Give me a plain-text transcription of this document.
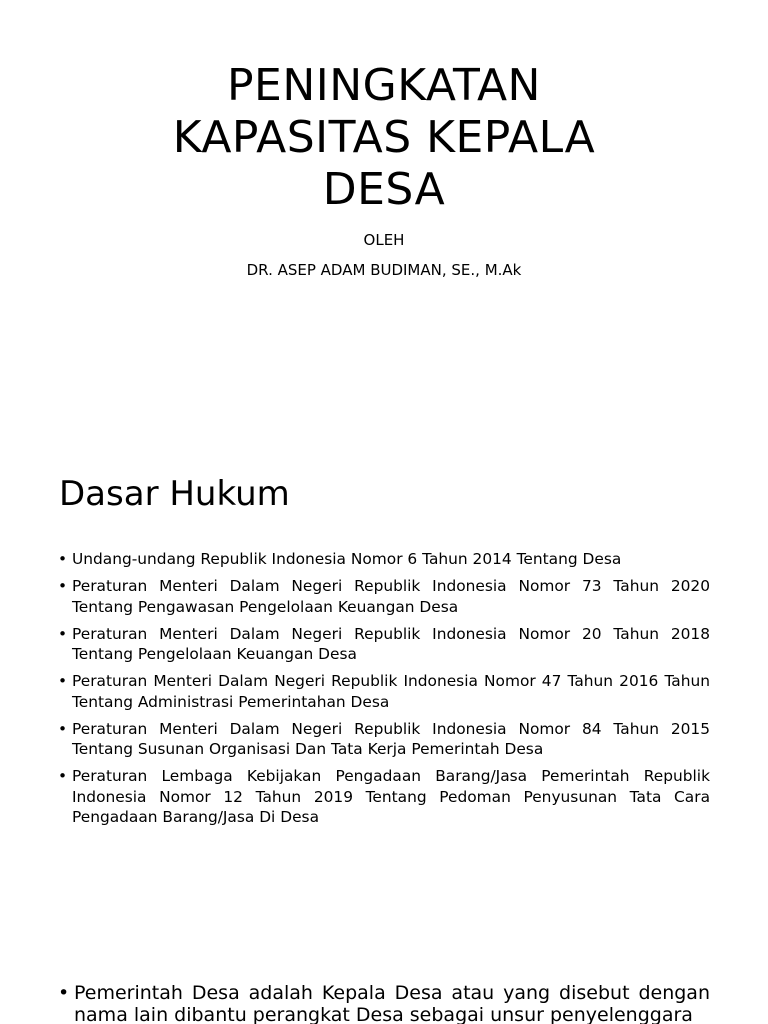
PENINGKATAN
KAPASITAS KEPALA
DESA
OLEH
DR. ASEP ADAM BUDIMAN, SE., M.Ak
Dasar Hukum
• Undang-undang Republik Indonesia Nomor 6 Tahun 2014 Tentang Desa
• Peraturan Menteri Dalam Negeri Republik Indonesia Nomor 73 Tahun 2020 Tentang Pengawasan Pengelolaan Keuangan Desa
• Peraturan Menteri Dalam Negeri Republik Indonesia Nomor 20 Tahun 2018 Tentang Pengelolaan Keuangan Desa
• Peraturan Menteri Dalam Negeri Republik Indonesia Nomor 47 Tahun 2016 Tahun Tentang Administrasi Pemerintahan Desa
• Peraturan Menteri Dalam Negeri Republik Indonesia Nomor 84 Tahun 2015 Tentang Susunan Organisasi Dan Tata Kerja Pemerintah Desa
• Peraturan Lembaga Kebijakan Pengadaan Barang/Jasa Pemerintah Republik Indonesia Nomor 12 Tahun 2019 Tentang Pedoman Penyusunan Tata Cara Pengadaan Barang/Jasa Di Desa
• Pemerintah Desa adalah Kepala Desa atau yang disebut dengan nama lain dibantu perangkat Desa sebagai unsur penyelenggara
